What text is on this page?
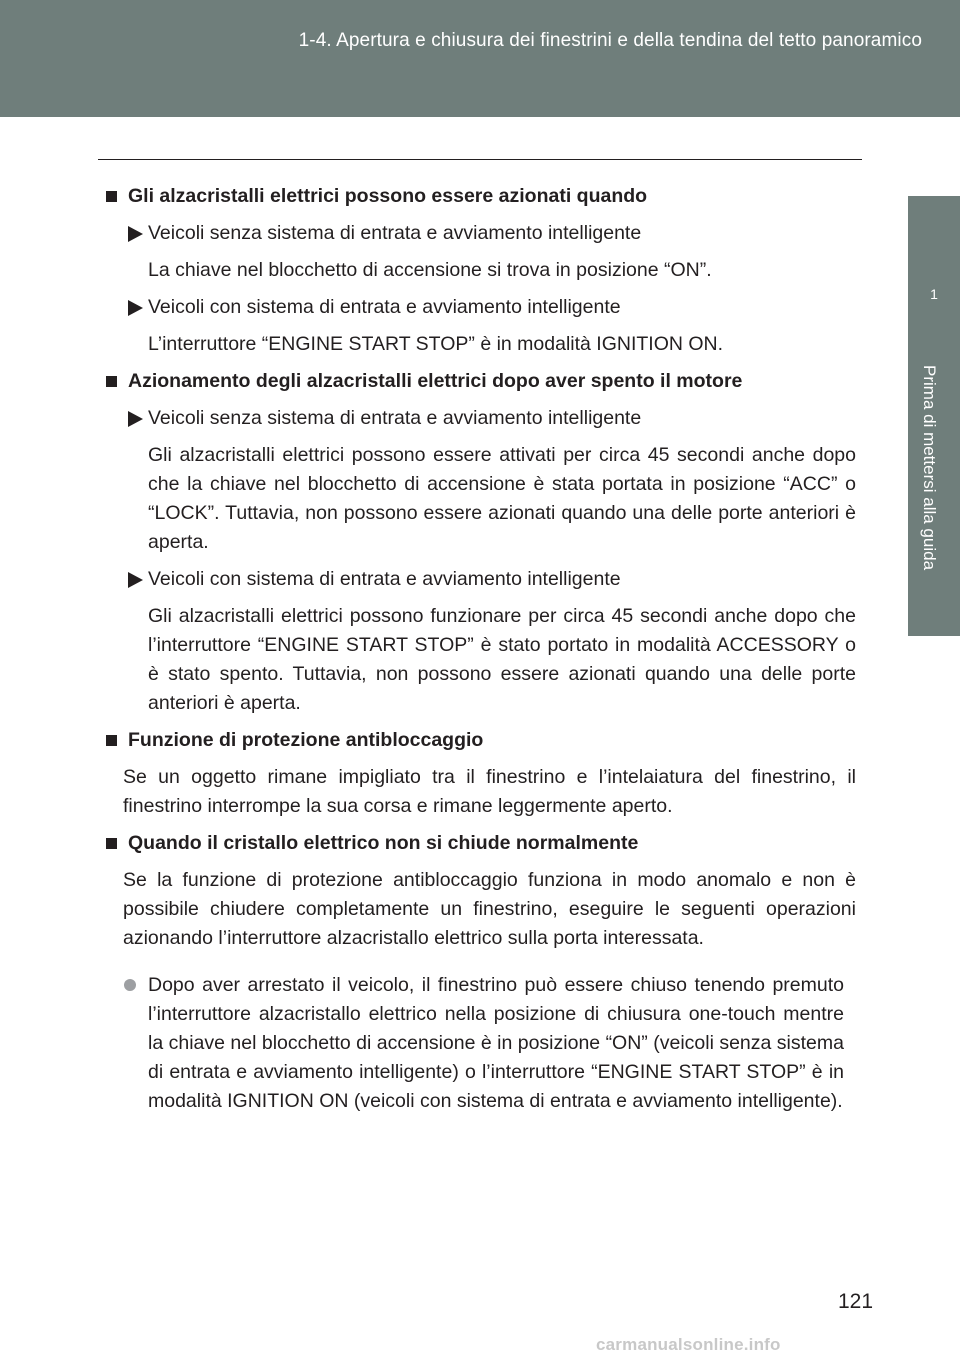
1-4. Apertura e chiusura dei finestrini e della tendina del tetto panoramico
1
Prima di mettersi alla guida
Gli alzacristalli elettrici possono essere azionati quando
Veicoli senza sistema di entrata e avviamento intelligente
La chiave nel blocchetto di accensione si trova in posizione “ON”.
Veicoli con sistema di entrata e avviamento intelligente
L’interruttore “ENGINE START STOP” è in modalità IGNITION ON.
Azionamento degli alzacristalli elettrici dopo aver spento il motore
Veicoli senza sistema di entrata e avviamento intelligente
Gli alzacristalli elettrici possono essere attivati per circa 45 secondi anche dopo che la chiave nel blocchetto di accensione è stata portata in posizione “ACC” o “LOCK”. Tuttavia, non possono essere azionati quando una delle porte anteriori è aperta.
Veicoli con sistema di entrata e avviamento intelligente
Gli alzacristalli elettrici possono funzionare per circa 45 secondi anche dopo che l’interruttore “ENGINE START STOP” è stato portato in modalità ACCESSORY o è stato spento. Tuttavia, non possono essere azionati quando una delle porte anteriori è aperta.
Funzione di protezione antibloccaggio
Se un oggetto rimane impigliato tra il finestrino e l’intelaiatura del finestrino, il finestrino interrompe la sua corsa e rimane leggermente aperto.
Quando il cristallo elettrico non si chiude normalmente
Se la funzione di protezione antibloccaggio funziona in modo anomalo e non è possibile chiudere completamente un finestrino, eseguire le seguenti operazioni azionando l’interruttore alzacristallo elettrico sulla porta interessata.
Dopo aver arrestato il veicolo, il finestrino può essere chiuso tenendo premuto l’interruttore alzacristallo elettrico nella posizione di chiusura one-touch mentre la chiave nel blocchetto di accensione è in posizione “ON” (veicoli senza sistema di entrata e avviamento intelligente) o l’interruttore “ENGINE START STOP” è in modalità IGNITION ON (veicoli con sistema di entrata e avviamento intelligente).
121
carmanualsonline.info
